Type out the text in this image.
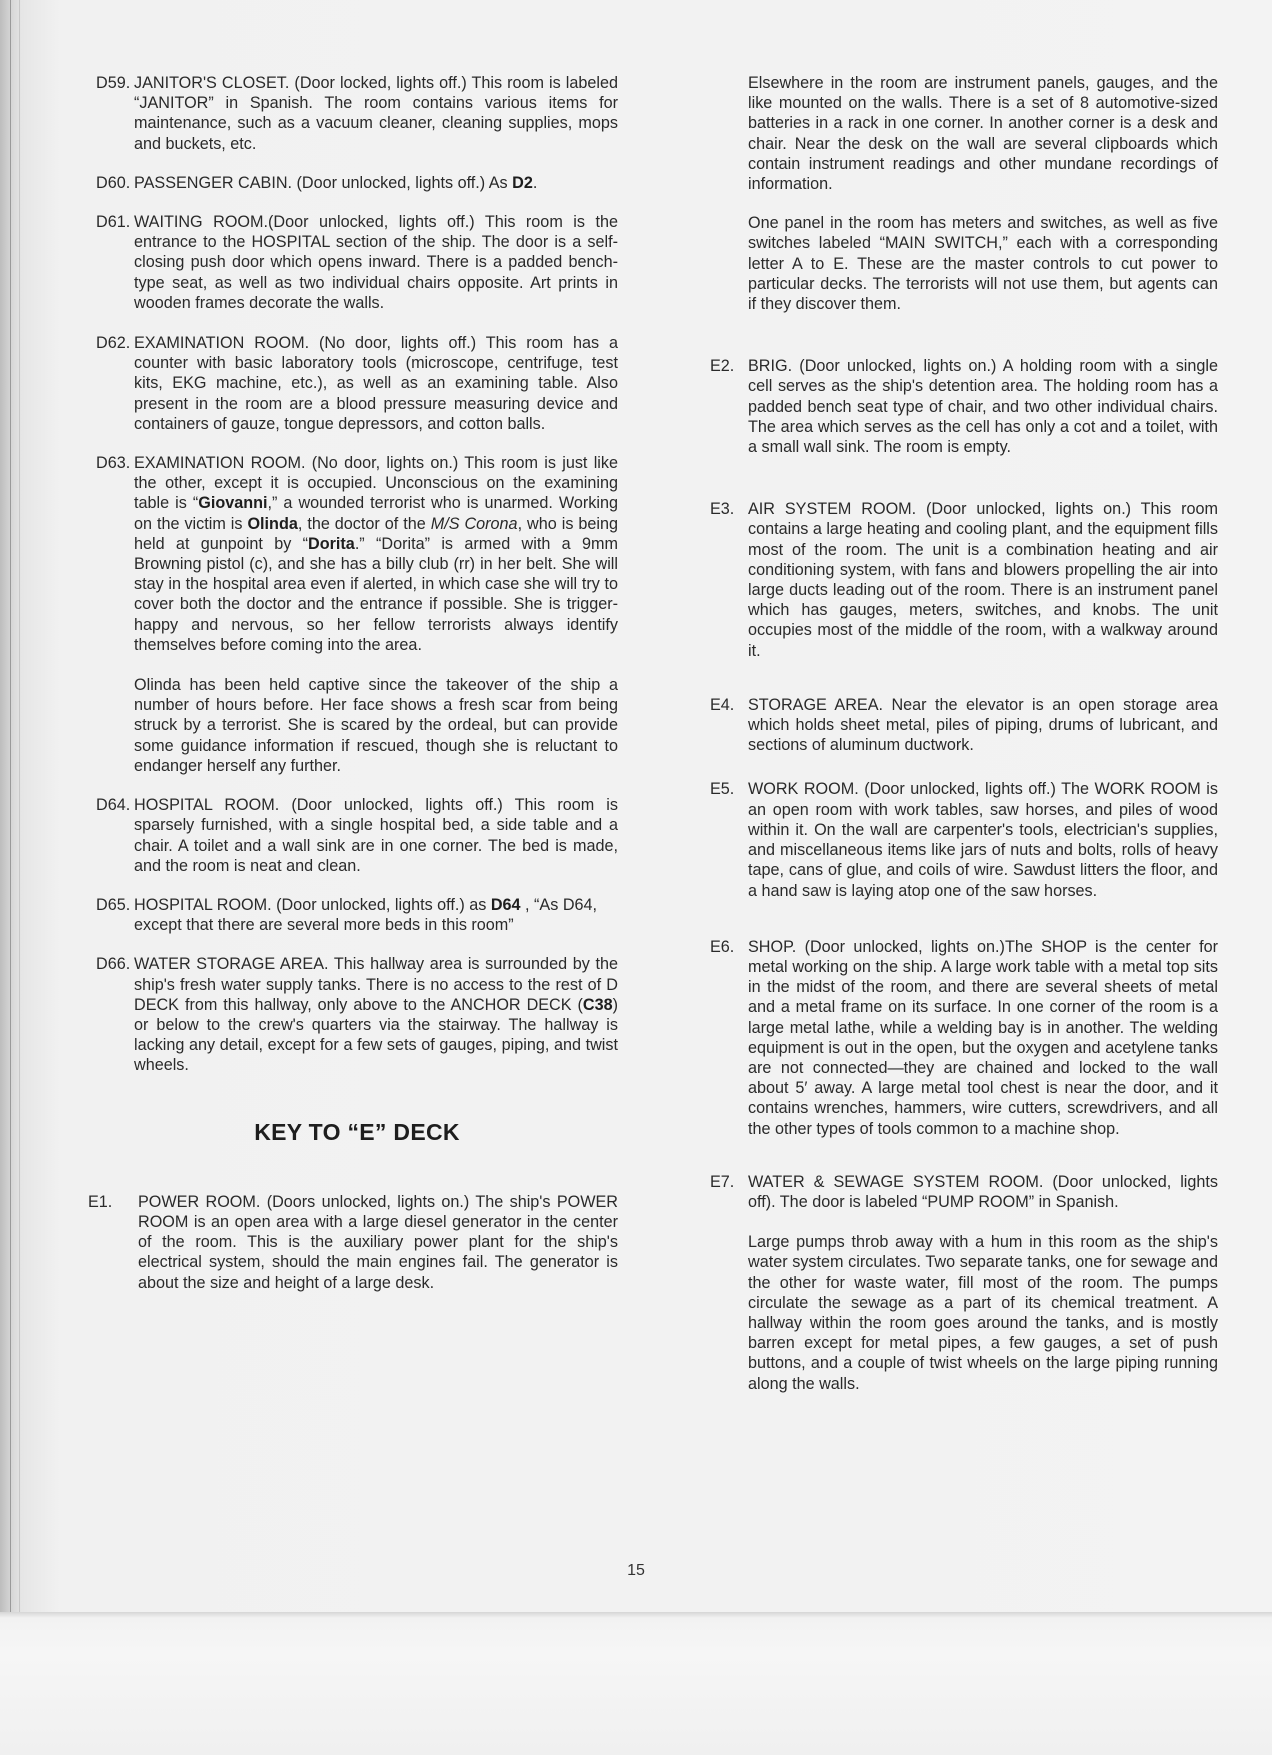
D59. JANITOR'S CLOSET. (Door locked, lights off.) This room is labeled “JANITOR” in Spanish. The room contains various items for maintenance, such as a vacuum cleaner, cleaning supplies, mops and buckets, etc.

D60. PASSENGER CABIN. (Door unlocked, lights off.) As D2.

D61. WAITING ROOM.(Door unlocked, lights off.) This room is the entrance to the HOSPITAL section of the ship. The door is a self-closing push door which opens inward. There is a padded bench-type seat, as well as two individual chairs opposite. Art prints in wooden frames decorate the walls.

D62. EXAMINATION ROOM. (No door, lights off.) This room has a counter with basic laboratory tools (microscope, centrifuge, test kits, EKG machine, etc.), as well as an examining table. Also present in the room are a blood pressure measuring device and containers of gauze, tongue depressors, and cotton balls.

D63. EXAMINATION ROOM. (No door, lights on.) This room is just like the other, except it is occupied. Unconscious on the examining table is “Giovanni,” a wounded terrorist who is unarmed. Working on the victim is Olinda, the doctor of the M/S Corona, who is being held at gunpoint by “Dorita.” “Dorita” is armed with a 9mm Browning pistol (c), and she has a billy club (rr) in her belt. She will stay in the hospital area even if alerted, in which case she will try to cover both the doctor and the entrance if possible. She is trigger-happy and nervous, so her fellow terrorists always identify themselves before coming into the area.

Olinda has been held captive since the takeover of the ship a number of hours before. Her face shows a fresh scar from being struck by a terrorist. She is scared by the ordeal, but can provide some guidance information if rescued, though she is reluctant to endanger herself any further.

D64. HOSPITAL ROOM. (Door unlocked, lights off.) This room is sparsely furnished, with a single hospital bed, a side table and a chair. A toilet and a wall sink are in one corner. The bed is made, and the room is neat and clean.

D65. HOSPITAL ROOM. (Door unlocked, lights off.) as D64 , “As D64, except that there are several more beds in this room”

D66. WATER STORAGE AREA. This hallway area is surrounded by the ship's fresh water supply tanks. There is no access to the rest of D DECK from this hallway, only above to the ANCHOR DECK (C38) or below to the crew's quarters via the stairway. The hallway is lacking any detail, except for a few sets of gauges, piping, and twist wheels.

KEY TO “E” DECK
E1.	POWER ROOM. (Doors unlocked, lights on.) The ship's POWER ROOM is an open area with a large diesel generator in the center of the room. This is the auxiliary power plant for the ship's electrical system, should the main engines fail. The generator is about the size and height of a large desk.

Elsewhere in the room are instrument panels, gauges, and the like mounted on the walls. There is a set of 8 automotive-sized batteries in a rack in one corner. In another corner is a desk and chair. Near the desk on the wall are several clipboards which contain instrument readings and other mundane recordings of information.

One panel in the room has meters and switches, as well as five switches labeled “MAIN SWITCH,” each with a corresponding letter A to E. These are the master controls to cut power to particular decks. The terrorists will not use them, but agents can if they discover them.

E2. BRIG. (Door unlocked, lights on.) A holding room with a single cell serves as the ship's detention area. The holding room has a padded bench seat type of chair, and two other individual chairs. The area which serves as the cell has only a cot and a toilet, with a small wall sink. The room is empty.

E3. AIR SYSTEM ROOM. (Door unlocked, lights on.) This room contains a large heating and cooling plant, and the equipment fills most of the room. The unit is a combination heating and air conditioning system, with fans and blowers propelling the air into large ducts leading out of the room. There is an instrument panel which has gauges, meters, switches, and knobs. The unit occupies most of the middle of the room, with a walkway around it.

E4. STORAGE AREA. Near the elevator is an open storage area which holds sheet metal, piles of piping, drums of lubricant, and sections of aluminum ductwork.

E5. WORK ROOM. (Door unlocked, lights off.) The WORK ROOM is an open room with work tables, saw horses, and piles of wood within it. On the wall are carpenter's tools, electrician's supplies, and miscellaneous items like jars of nuts and bolts, rolls of heavy tape, cans of glue, and coils of wire. Sawdust litters the floor, and a hand saw is laying atop one of the saw horses.

E6. SHOP. (Door unlocked, lights on.)The SHOP is the center for metal working on the ship. A large work table with a metal top sits in the midst of the room, and there are several sheets of metal and a metal frame on its surface. In one corner of the room is a large metal lathe, while a welding bay is in another. The welding equipment is out in the open, but the oxygen and acetylene tanks are not connected—they are chained and locked to the wall about 5′ away. A large metal tool chest is near the door, and it contains wrenches, hammers, wire cutters, screwdrivers, and all the other types of tools common to a machine shop.

E7. WATER & SEWAGE SYSTEM ROOM. (Door unlocked, lights off). The door is labeled “PUMP ROOM” in Spanish.

Large pumps throb away with a hum in this room as the ship's water system circulates. Two separate tanks, one for sewage and the other for waste water, fill most of the room. The pumps circulate the sewage as a part of its chemical treatment. A hallway within the room goes around the tanks, and is mostly barren except for metal pipes, a few gauges, a set of push buttons, and a couple of twist wheels on the large piping running along the walls.

15
